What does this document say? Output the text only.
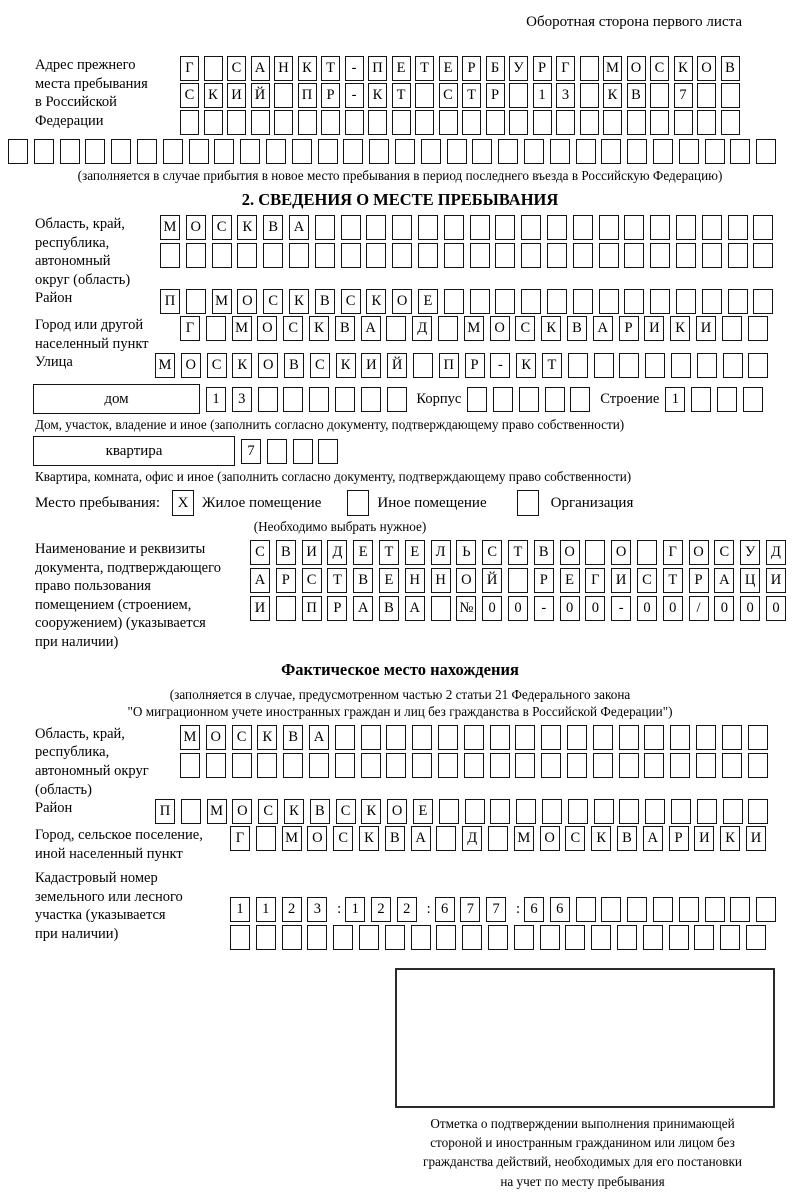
Оборотная сторона первого листа
Адрес прежнего
места пребывания
в Российской
Федерации
Г	С А Н К Т	-	П Е	Т	Е	Р	Б У Р	Г	М О С К О В
С К И Й	П Р	-	К Т	С Т	Р	1	3	К В	7
(заполняется в случае прибытия в новое место пребывания в период последнего въезда в Российскую Федерацию)
2. СВЕДЕНИЯ О МЕСТЕ ПРЕБЫВАНИЯ
Область, край,
республика,
автономный
округ (область)
М О	С	К	В	А
Район	П	М О	С	К	В	С	К	О	Е
Город или другой
населенный пункт
Г	М О	С	К	В	А	Д	М О	С	К	В	А	Р	И	К	И
Улица	М О	С	К	О	В	С	К	И	Й	П	Р	-	К	Т
дом	1	3	Корпус	Строение 1
Дом, участок, владение и иное (заполнить согласно документу, подтверждающему право собственности)
квартира	7
Квартира, комната, офис и иное (заполнить согласно документу, подтверждающему право собственности)
Место пребывания:	X Жилое помещение	Иное помещение	Организация
(Необходимо выбрать нужное)
Наименование и реквизиты
документа, подтверждающего
право пользования
помещением (строением,
сооружением) (указывается
при наличии)
С	В	И	Д	Е	Т	Е	Л	Ь	С	Т	В	О	О	Г	О	С	У	Д
А	Р	С	Т	В	Е	Н	Н	О	Й	Р	Е	Г	И	С	Т	Р	А	Ц	И
И	П	Р	А	В	А	№	0	0	-	0	0	-	0	0	/	0	0	0
Фактическое место нахождения
(заполняется в случае, предусмотренном частью 2 статьи 21 Федерального закона
"О миграционном учете иностранных граждан и лиц без гражданства в Российской Федерации")
Область, край,
республика,
автономный округ
(область)
М О	С	К	В	А
Район	П	М О	С	К	В	С	К	О	Е
Город, сельское поселение,
иной населенный пункт
Г	М О	С	К	В	А	Д	М О	С	К	В	А	Р	И	К	И
Кадастровый номер
земельного или лесного
участка (указывается
при наличии)
1	1	2	3	: 1	2	2	: 6	7	7	: 6	6
Отметка о подтверждении выполнения принимающей
стороной и иностранным гражданином или лицом без
гражданства действий, необходимых для его постановки
на учет по месту пребывания
